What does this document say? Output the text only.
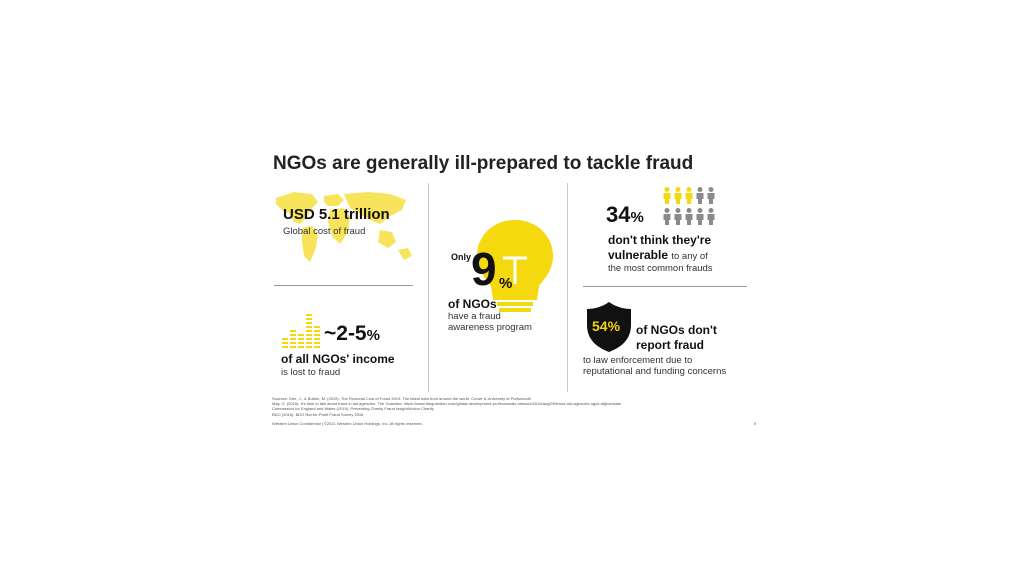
NGOs are generally ill-prepared to tackle fraud
USD 5.1 trillion
Global cost of fraud
~2-5%
of all NGOs' income
is lost to fraud
Only 9 %
of NGOs
have a fraud
awareness program
34%
don't think they're
vulnerable to any of
the most common frauds
54% of NGOs don't
report fraud
to law enforcement due to
reputational and funding concerns
Sources: Gee, J., & Button, M. (2019). The Financial Cost of Fraud 2019: The latest data from around the world. Crowe & University of Portsmouth
May, G. (2016). It's time to talk about fraud in aid agencies. The Guardian. https://www.theguardian.com/global-development-professionals-network/2016/aug/29/fraud-aid-agencies-ngos-afghanistan
Commission for England and Wales (2019). Preventing Charity Fraud Insight/Action Charity
BDO (2016). BDO Not-for-Profit Fraud Survey 2016
Western Union Confidential | ©2021 Western Union Holdings, Inc. All rights reserved.	9
